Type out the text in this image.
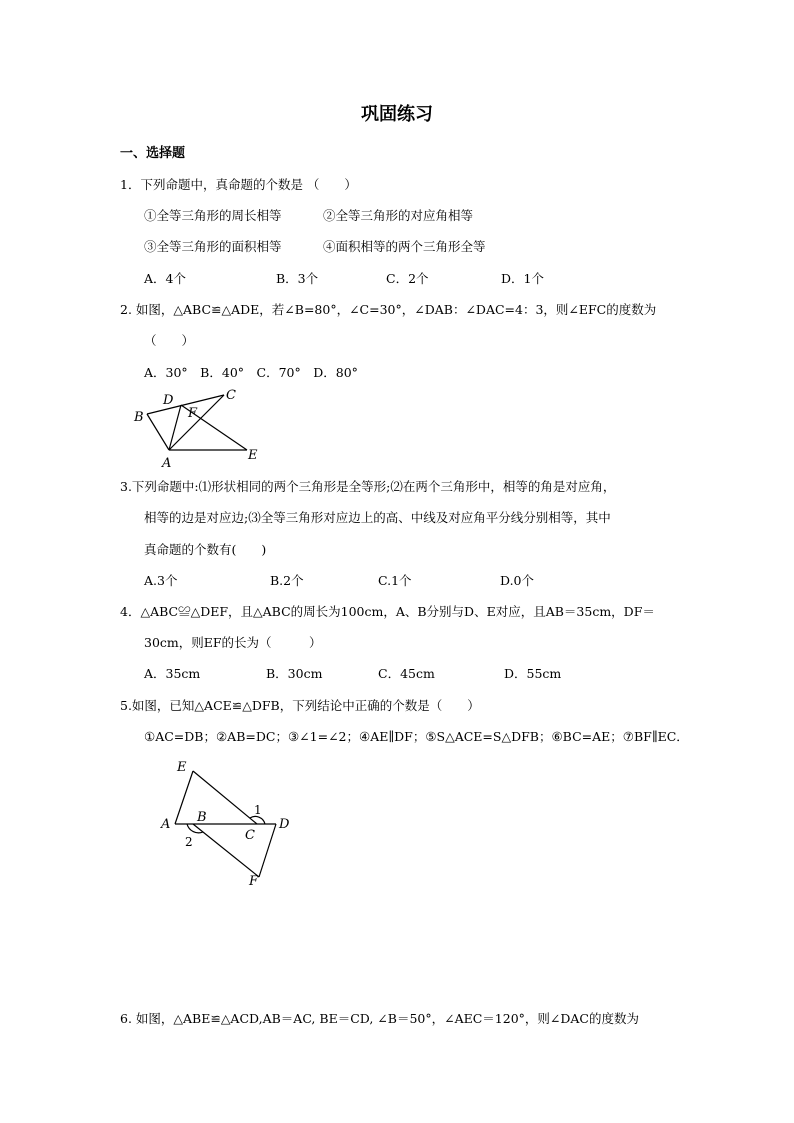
巩固练习
一、选择题
1．下列命题中，真命题的个数是 （　　）
①全等三角形的周长相等	②全等三角形的对应角相等
③全等三角形的面积相等	④面积相等的两个三角形全等
A．4个	B．3个	C．2个	D．1个
2. 如图，△ABC≌△ADE，若∠B=80°，∠C=30°，∠DAB：∠DAC=4：3，则∠EFC的度数为
（　　）
A．30°　B．40°　C．70°　D．80°
B
D	C
F
A
E
3.下列命题中:⑴形状相同的两个三角形是全等形;⑵在两个三角形中，相等的角是对应角，
相等的边是对应边;⑶全等三角形对应边上的高、中线及对应角平分线分别相等，其中
真命题的个数有(　　)
A.3个	B.2个	C.1个	D.0个
4．△ABC≌△DEF，且△ABC的周长为100cm，A、B分别与D、E对应，且AB＝35cm，DF＝
30cm，则EF的长为（　　　）
A．35cm	B．30cm	C．45cm	D．55cm
5.如图，已知△ACE≌△DFB，下列结论中正确的个数是（　　）
①AC=DB；②AB=DC；③∠1=∠2；④AE∥DF；⑤S△ACE=S△DFB；⑥BC=AE；⑦BF∥EC．
E
A B
C
D
F
1
2
6. 如图，△ABE≌△ACD,AB＝AC, BE＝CD, ∠B＝50°，∠AEC＝120°，则∠DAC的度数为
